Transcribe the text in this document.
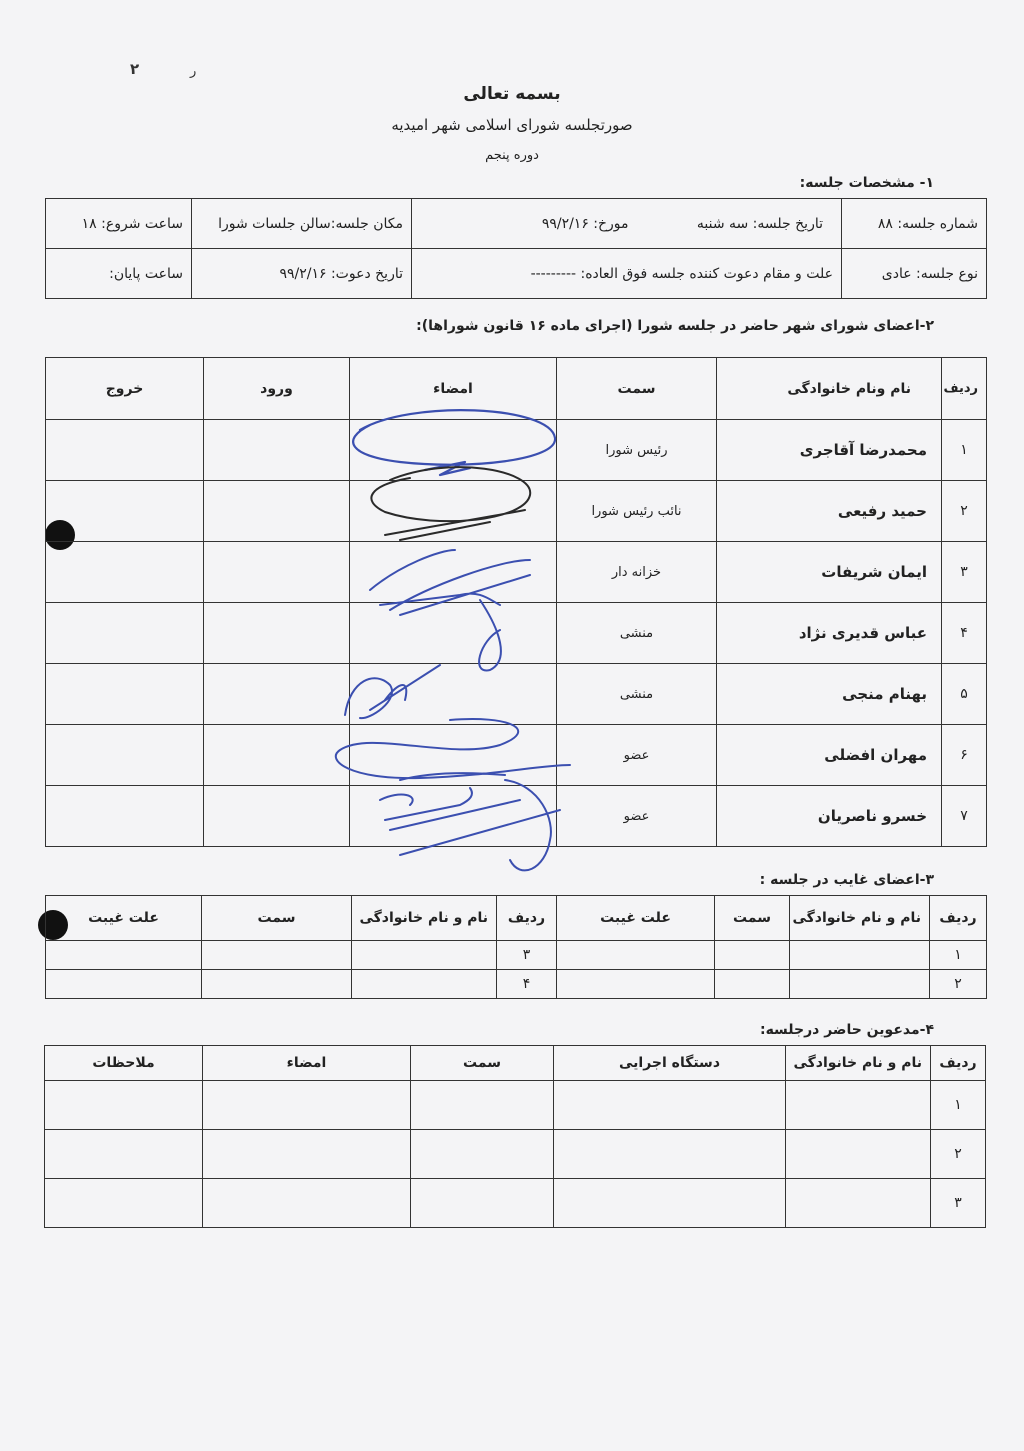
۲	ر
بسمه تعالی
صورتجلسه شورای اسلامی شهر امیدیه
دوره پنجم
۱- مشخصات جلسه:
شماره جلسه: ۸۸	تاریخ جلسه: سه شنبه مورخ: ۹۹/۲/۱۶	مکان جلسه:سالن جلسات شورا	ساعت شروع: ۱۸
نوع جلسه: عادی	علت و مقام دعوت کننده جلسه فوق العاده: ---------	تاریخ دعوت: ۹۹/۲/۱۶	ساعت پایان:
۲-اعضای شورای شهر حاضر در جلسه شورا (اجرای ماده ۱۶ قانون شوراها):
ردیف	نام ونام خانوادگی	سمت	امضاء	ورود	خروج
۱	محمدرضا آقاجری	رئیس شورا			
۲	حمید رفیعی	نائب رئیس شورا			
۳	ایمان شریفات	خزانه دار			
۴	عباس قدیری نژاد	منشی			
۵	بهنام منجی	منشی			
۶	مهران افضلی	عضو			
۷	خسرو ناصریان	عضو			
۳-اعضای غایب در جلسه :
ردیف	نام و نام خانوادگی	سمت	علت غیبت	ردیف	نام و نام خانوادگی	سمت	علت غیبت
۱				۳			
۲				۴			
۴-مدعوین حاضر درجلسه:
ردیف	نام و نام خانوادگی	دستگاه اجرایی	سمت	امضاء	ملاحظات
۱					
۲					
۳					
